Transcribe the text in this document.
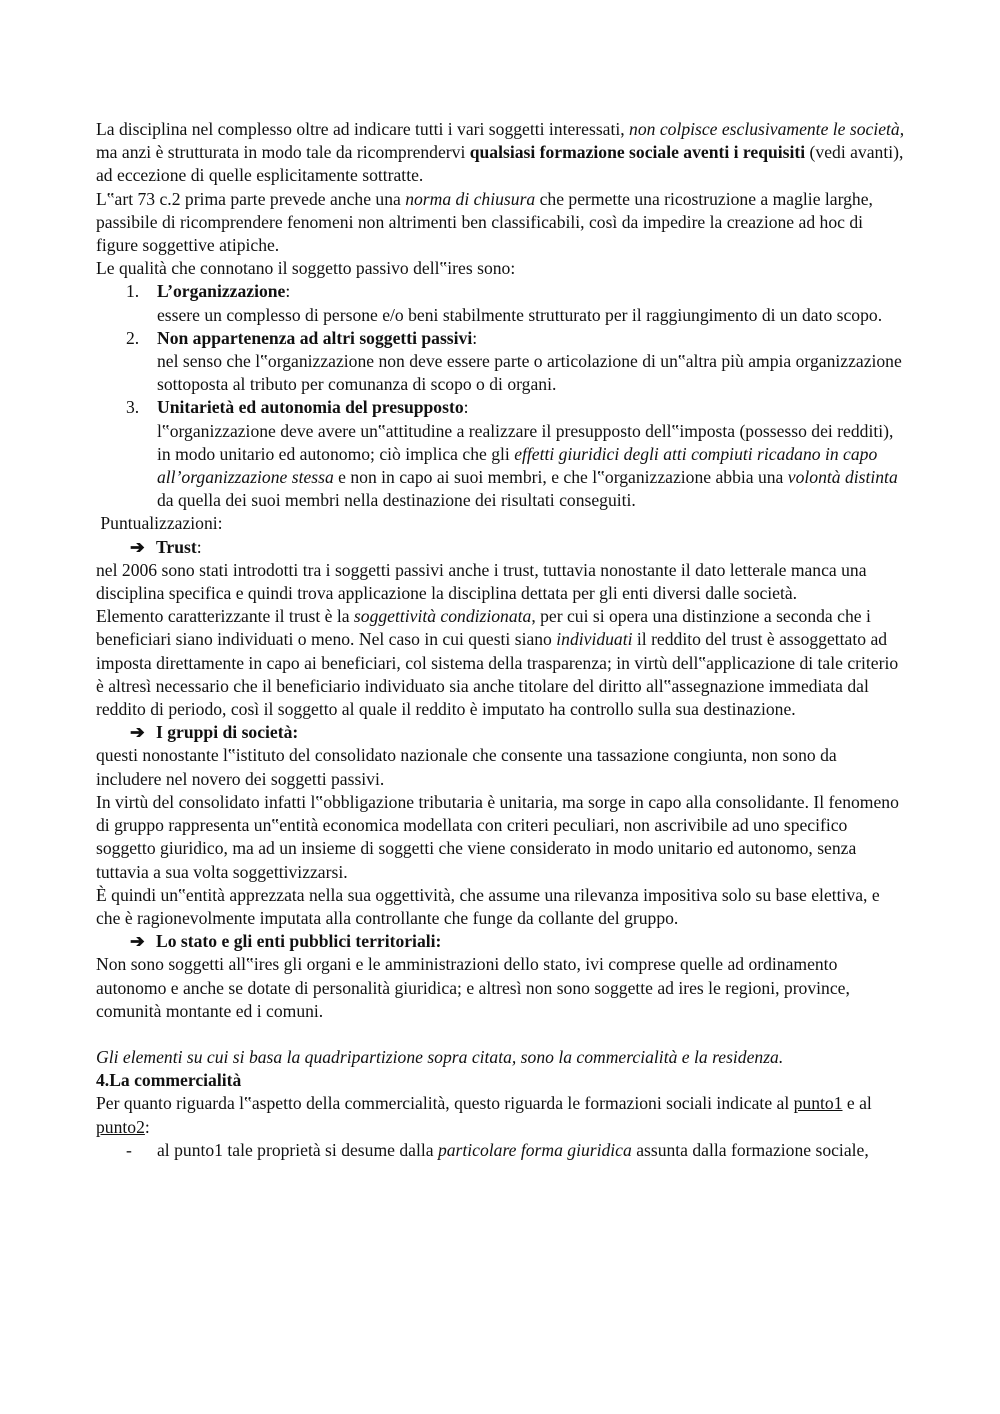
La disciplina nel complesso oltre ad indicare tutti i vari soggetti interessati, non colpisce esclusivamente le società, ma anzi è strutturata in modo tale da ricomprendervi qualsiasi formazione sociale aventi i requisiti (vedi avanti), ad eccezione di quelle esplicitamente sottratte.

L‟art 73 c.2 prima parte prevede anche una norma di chiusura che permette una ricostruzione a maglie larghe, passibile di ricomprendere fenomeni non altrimenti ben classificabili, così da impedire la creazione ad hoc di figure soggettive atipiche.

Le qualità che connotano il soggetto passivo dell‟ires sono:

1. L’organizzazione:
essere un complesso di persone e/o beni stabilmente strutturato per il raggiungimento di un dato scopo.
2. Non appartenenza ad altri soggetti passivi:
nel senso che l‟organizzazione non deve essere parte o articolazione di un‟altra più ampia organizzazione sottoposta al tributo per comunanza di scopo o di organi.
3. Unitarietà ed autonomia del presupposto:
l‟organizzazione deve avere un‟attitudine a realizzare il presupposto dell‟imposta (possesso dei redditi), in modo unitario ed autonomo; ciò implica che gli effetti giuridici degli atti compiuti ricadano in capo all’organizzazione stessa e non in capo ai suoi membri, e che l‟organizzazione abbia una volontà distinta da quella dei suoi membri nella destinazione dei risultati conseguiti.

Puntualizzazioni:

➔ Trust:

nel 2006 sono stati introdotti tra i soggetti passivi anche i trust, tuttavia nonostante il dato letterale manca una disciplina specifica e quindi trova applicazione la disciplina dettata per gli enti diversi dalle società.

Elemento caratterizzante il trust è la soggettività condizionata, per cui si opera una distinzione a seconda che i beneficiari siano individuati o meno. Nel caso in cui questi siano individuati il reddito del trust è assoggettato ad imposta direttamente in capo ai beneficiari, col sistema della trasparenza; in virtù dell‟applicazione di tale criterio è altresì necessario che il beneficiario individuato sia anche titolare del diritto all‟assegnazione immediata dal reddito di periodo, così il soggetto al quale il reddito è imputato ha controllo sulla sua destinazione.

➔ I gruppi di società:

questi nonostante l‟istituto del consolidato nazionale che consente una tassazione congiunta, non sono da includere nel novero dei soggetti passivi.

In virtù del consolidato infatti l‟obbligazione tributaria è unitaria, ma sorge in capo alla consolidante. Il fenomeno di gruppo rappresenta un‟entità economica modellata con criteri peculiari, non ascrivibile ad uno specifico soggetto giuridico, ma ad un insieme di soggetti che viene considerato in modo unitario ed autonomo, senza tuttavia a sua volta soggettivizzarsi.

È quindi un‟entità apprezzata nella sua oggettività, che assume una rilevanza impositiva solo su base elettiva, e che è ragionevolmente imputata alla controllante che funge da collante del gruppo.

➔ Lo stato e gli enti pubblici territoriali:

Non sono soggetti all‟ires gli organi e le amministrazioni dello stato, ivi comprese quelle ad ordinamento autonomo e anche se dotate di personalità giuridica; e altresì non sono soggette ad ires le regioni, province, comunità montante ed i comuni.

Gli elementi su cui si basa la quadripartizione sopra citata, sono la commercialità e la residenza.

4.La commercialità

Per quanto riguarda l‟aspetto della commercialità, questo riguarda le formazioni sociali indicate al punto1 e al punto2:

- al punto1 tale proprietà si desume dalla particolare forma giuridica assunta dalla formazione sociale,
